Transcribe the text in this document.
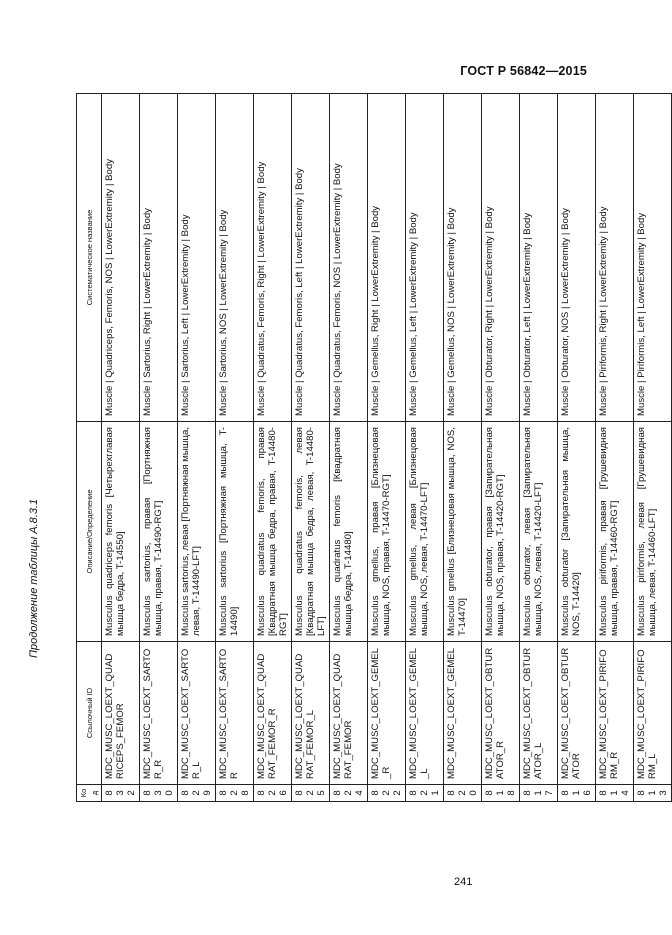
ГОСТ Р 56842—2015
Продолжение таблицы А.8.3.1
Код	Ссылочный ID	Описание/Определение	Систематическое название
832	MDC_MUSC_LOEXT_QUADRICEPS_FEMOR	Musculus quadriceps femoris [Четырехглавая мышца бедра, T-14550]	Muscle | Quadriceps, Femoris, NOS | LowerExtremity | Body
830	MDC_MUSC_LOEXT_SARTOR_R	Musculus sartorius, правая [Портняжная мышца, правая, T-14490-RGT]	Muscle | Sartorius, Right | LowerExtremity | Body
829	MDC_MUSC_LOEXT_SARTOR_L	Musculus sartorius, левая [Портняжная мышца, левая, T-14490-LFT]	Muscle | Sartorius, Left | LowerExtremity | Body
828	MDC_MUSC_LOEXT_SARTOR	Musculus sartorius [Портняжная мышца, T-14490]	Muscle | Sartorius, NOS | LowerExtremity | Body
826	MDC_MUSC_LOEXT_QUADRAT_FEMOR_R	Musculus quadratus femoris, правая [Квадратная мышца бедра, правая, T-14480-RGT]	Muscle | Quadratus, Femoris, Right | LowerExtremity | Body
825	MDC_MUSC_LOEXT_QUADRAT_FEMOR_L	Musculus quadratus femoris, левая [Квадратная мышца бедра, левая, T-14480-LFT]	Muscle | Quadratus, Femoris, Left | LowerExtremity | Body
824	MDC_MUSC_LOEXT_QUADRAT_FEMOR	Musculus quadratus femoris [Квадратная мышца бедра, T-14480]	Muscle | Quadratus, Femoris, NOS | LowerExtremity | Body
822	MDC_MUSC_LOEXT_GEMEL_R	Musculus gmellus, правая [Близнецовая мышца, NOS, правая, T-14470-RGT]	Muscle | Gemellus, Right | LowerExtremity | Body
821	MDC_MUSC_LOEXT_GEMEL_L	Musculus gmellus, левая [Близнецовая мышца, NOS, левая, T-14470-LFT]	Muscle | Gemellus, Left | LowerExtremity | Body
820	MDC_MUSC_LOEXT_GEMEL	Musculus gmellus [Близнецовая мышца, NOS, T-14470]	Muscle | Gemellus, NOS | LowerExtremity | Body
818	MDC_MUSC_LOEXT_OBTURATOR_R	Musculus obturator, правая [Запирательная мышца, NOS, правая, T-14420-RGT]	Muscle | Obturator, Right | LowerExtremity | Body
817	MDC_MUSC_LOEXT_OBTURATOR_L	Musculus obturator, левая [Запирательная мышца, NOS, левая, T-14420-LFT]	Muscle | Obturator, Left | LowerExtremity | Body
816	MDC_MUSC_LOEXT_OBTURATOR	Musculus obturator [Запирательная мышца, NOS, T-14420]	Muscle | Obturator, NOS | LowerExtremity | Body
814	MDC_MUSC_LOEXT_PIRIFORM_R	Musculus piriformis, правая [Грушевидная мышца, правая, T-14460-RGT]	Muscle | Piriformis, Right | LowerExtremity | Body
813	MDC_MUSC_LOEXT_PIRIFORM_L	Musculus piriformis, левая [Грушевидная мышца, левая, T-14460-LFT]	Muscle | Piriformis, Left | LowerExtremity | Body
241
